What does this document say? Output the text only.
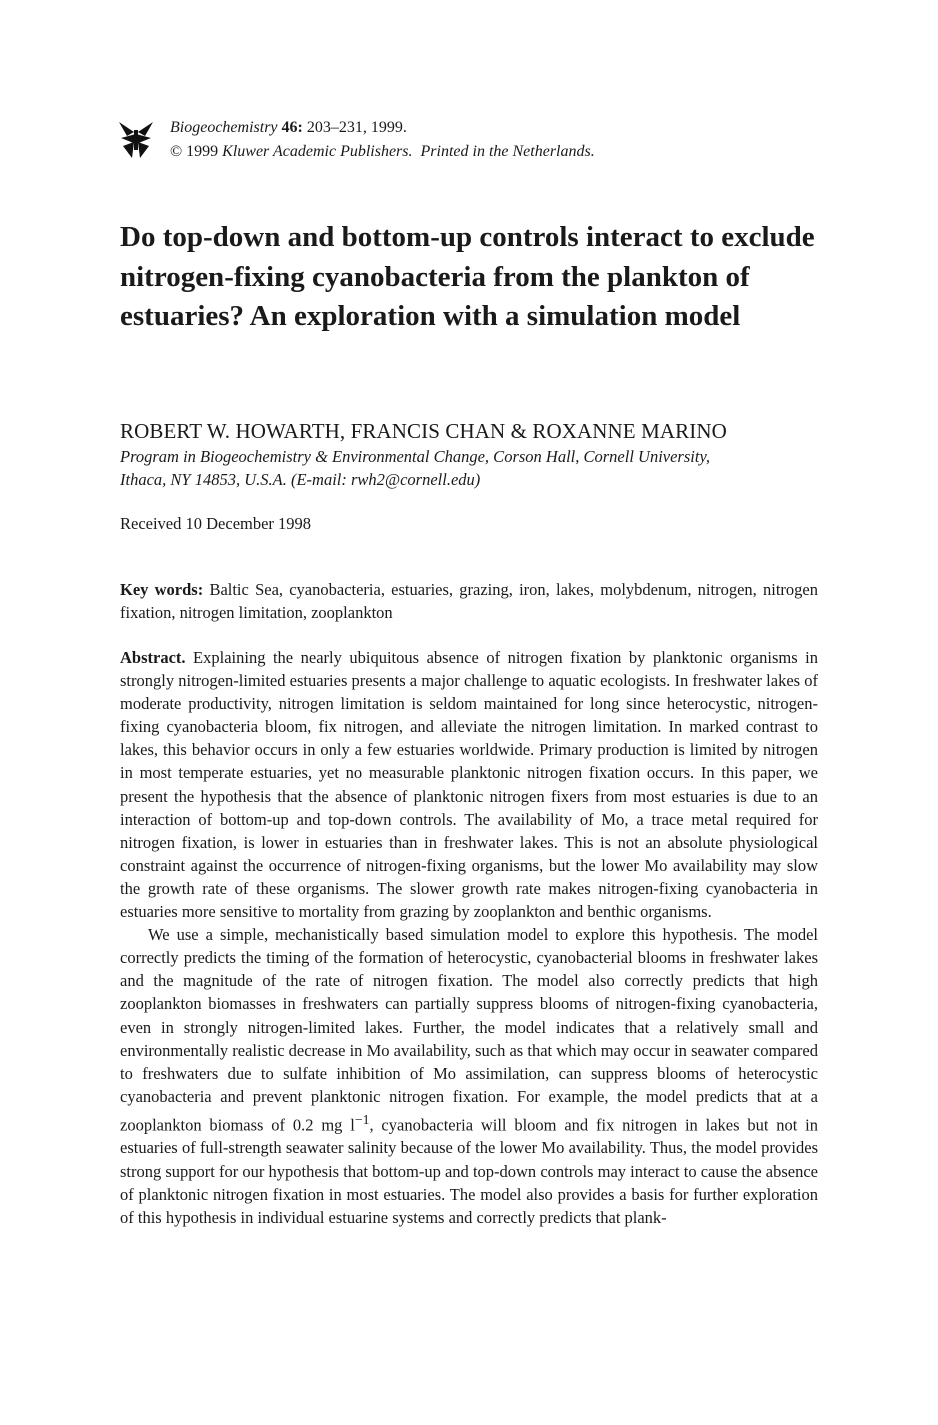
Biogeochemistry 46: 203–231, 1999.
© 1999 Kluwer Academic Publishers. Printed in the Netherlands.
Do top-down and bottom-up controls interact to exclude nitrogen-fixing cyanobacteria from the plankton of estuaries? An exploration with a simulation model
ROBERT W. HOWARTH, FRANCIS CHAN & ROXANNE MARINO
Program in Biogeochemistry & Environmental Change, Corson Hall, Cornell University,
Ithaca, NY 14853, U.S.A. (E-mail: rwh2@cornell.edu)
Received 10 December 1998
Key words: Baltic Sea, cyanobacteria, estuaries, grazing, iron, lakes, molybdenum, nitrogen, nitrogen fixation, nitrogen limitation, zooplankton

Abstract. Explaining the nearly ubiquitous absence of nitrogen fixation by planktonic organisms in strongly nitrogen-limited estuaries presents a major challenge to aquatic ecologists. In freshwater lakes of moderate productivity, nitrogen limitation is seldom maintained for long since heterocystic, nitrogen-fixing cyanobacteria bloom, fix nitrogen, and alleviate the nitrogen limitation. In marked contrast to lakes, this behavior occurs in only a few estuaries worldwide. Primary production is limited by nitrogen in most temperate estuaries, yet no measurable planktonic nitrogen fixation occurs. In this paper, we present the hypothesis that the absence of planktonic nitrogen fixers from most estuaries is due to an interaction of bottom-up and top-down controls. The availability of Mo, a trace metal required for nitrogen fixation, is lower in estuaries than in freshwater lakes. This is not an absolute physiological constraint against the occurrence of nitrogen-fixing organisms, but the lower Mo availability may slow the growth rate of these organisms. The slower growth rate makes nitrogen-fixing cyanobacteria in estuaries more sensitive to mortality from grazing by zooplankton and benthic organisms.

We use a simple, mechanistically based simulation model to explore this hypothesis. The model correctly predicts the timing of the formation of heterocystic, cyanobacterial blooms in freshwater lakes and the magnitude of the rate of nitrogen fixation. The model also correctly predicts that high zooplankton biomasses in freshwaters can partially suppress blooms of nitrogen-fixing cyanobacteria, even in strongly nitrogen-limited lakes. Further, the model indicates that a relatively small and environmentally realistic decrease in Mo availability, such as that which may occur in seawater compared to freshwaters due to sulfate inhibition of Mo assimilation, can suppress blooms of heterocystic cyanobacteria and prevent planktonic nitrogen fixation. For example, the model predicts that at a zooplankton biomass of 0.2 mg $l^{-1}$, cyanobacteria will bloom and fix nitrogen in lakes but not in estuaries of full-strength seawater salinity because of the lower Mo availability. Thus, the model provides strong support for our hypothesis that bottom-up and top-down controls may interact to cause the absence of planktonic nitrogen fixation in most estuaries. The model also provides a basis for further exploration of this hypothesis in individual estuarine systems and correctly predicts that plank-
